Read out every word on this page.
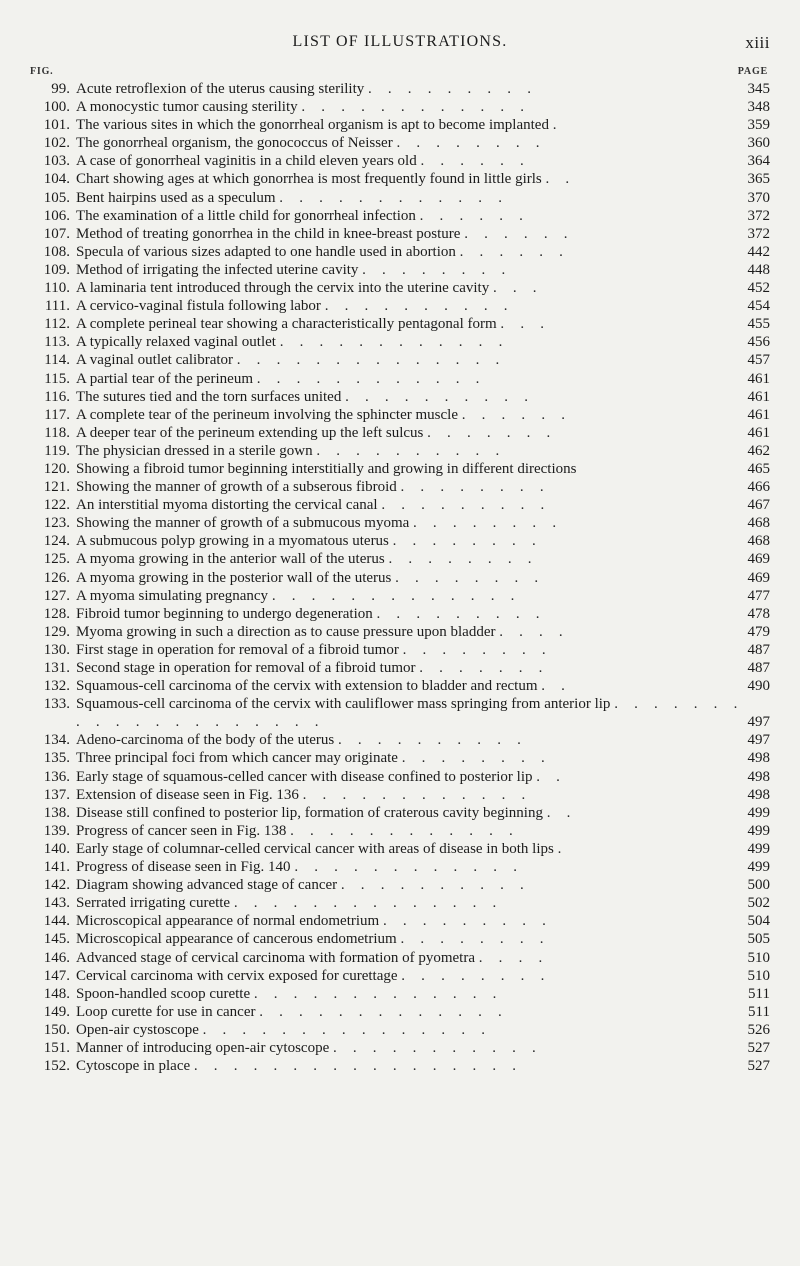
LIST OF ILLUSTRATIONS.	xiii
FIG.	PAGE
99. Acute retroflexion of the uterus causing sterility . . . . . . . . .	345
100. A monocystic tumor causing sterility . . . . . . . . . . . .	348
101. The various sites in which the gonorrheal organism is apt to become implanted .	359
102. The gonorrheal organism, the gonococcus of Neisser . . . . . . . .	360
103. A case of gonorrheal vaginitis in a child eleven years old . . . . . .	364
104. Chart showing ages at which gonorrhea is most frequently found in little girls . .	365
105. Bent hairpins used as a speculum . . . . . . . . . . . .	370
106. The examination of a little child for gonorrheal infection . . . . . .	372
107. Method of treating gonorrhea in the child in knee-breast posture . . . . . .	372
108. Specula of various sizes adapted to one handle used in abortion . . . . . .	442
109. Method of irrigating the infected uterine cavity . . . . . . . .	448
110. A laminaria tent introduced through the cervix into the uterine cavity . . .	452
111. A cervico-vaginal fistula following labor . . . . . . . . . .	454
112. A complete perineal tear showing a characteristically pentagonal form . . .	455
113. A typically relaxed vaginal outlet . . . . . . . . . . . .	456
114. A vaginal outlet calibrator . . . . . . . . . . . . . .	457
115. A partial tear of the perineum . . . . . . . . . . . .	461
116. The sutures tied and the torn surfaces united . . . . . . . . . .	461
117. A complete tear of the perineum involving the sphincter muscle . . . . . .	461
118. A deeper tear of the perineum extending up the left sulcus . . . . . . .	461
119. The physician dressed in a sterile gown . . . . . . . . . .	462
120. Showing a fibroid tumor beginning interstitially and growing in different directions	465
121. Showing the manner of growth of a subserous fibroid . . . . . . . .	466
122. An interstitial myoma distorting the cervical canal . . . . . . . . .	467
123. Showing the manner of growth of a submucous myoma . . . . . . . .	468
124. A submucous polyp growing in a myomatous uterus . . . . . . . .	468
125. A myoma growing in the anterior wall of the uterus . . . . . . . .	469
126. A myoma growing in the posterior wall of the uterus . . . . . . . .	469
127. A myoma simulating pregnancy . . . . . . . . . . . . .	477
128. Fibroid tumor beginning to undergo degeneration . . . . . . . . .	478
129. Myoma growing in such a direction as to cause pressure upon bladder . . . .	479
130. First stage in operation for removal of a fibroid tumor . . . . . . . .	487
131. Second stage in operation for removal of a fibroid tumor . . . . . . .	487
132. Squamous-cell carcinoma of the cervix with extension to bladder and rectum . .	490
133. Squamous-cell carcinoma of the cervix with cauliflower mass springing from anterior lip . . . . . . . . . . . . . . . . . . . .	497
134. Adeno-carcinoma of the body of the uterus . . . . . . . . . .	497
135. Three principal foci from which cancer may originate . . . . . . . .	498
136. Early stage of squamous-celled cancer with disease confined to posterior lip . .	498
137. Extension of disease seen in Fig. 136 . . . . . . . . . . . .	498
138. Disease still confined to posterior lip, formation of craterous cavity beginning . .	499
139. Progress of cancer seen in Fig. 138 . . . . . . . . . . . .	499
140. Early stage of columnar-celled cervical cancer with areas of disease in both lips .	499
141. Progress of disease seen in Fig. 140 . . . . . . . . . . . .	499
142. Diagram showing advanced stage of cancer . . . . . . . . . .	500
143. Serrated irrigating curette . . . . . . . . . . . . . .	502
144. Microscopical appearance of normal endometrium . . . . . . . . .	504
145. Microscopical appearance of cancerous endometrium . . . . . . . .	505
146. Advanced stage of cervical carcinoma with formation of pyometra . . . .	510
147. Cervical carcinoma with cervix exposed for curettage . . . . . . . .	510
148. Spoon-handled scoop curette . . . . . . . . . . . . .	511
149. Loop curette for use in cancer . . . . . . . . . . . . .	511
150. Open-air cystoscope . . . . . . . . . . . . . . .	526
151. Manner of introducing open-air cytoscope . . . . . . . . . . .	527
152. Cytoscope in place . . . . . . . . . . . . . . . . .	527
